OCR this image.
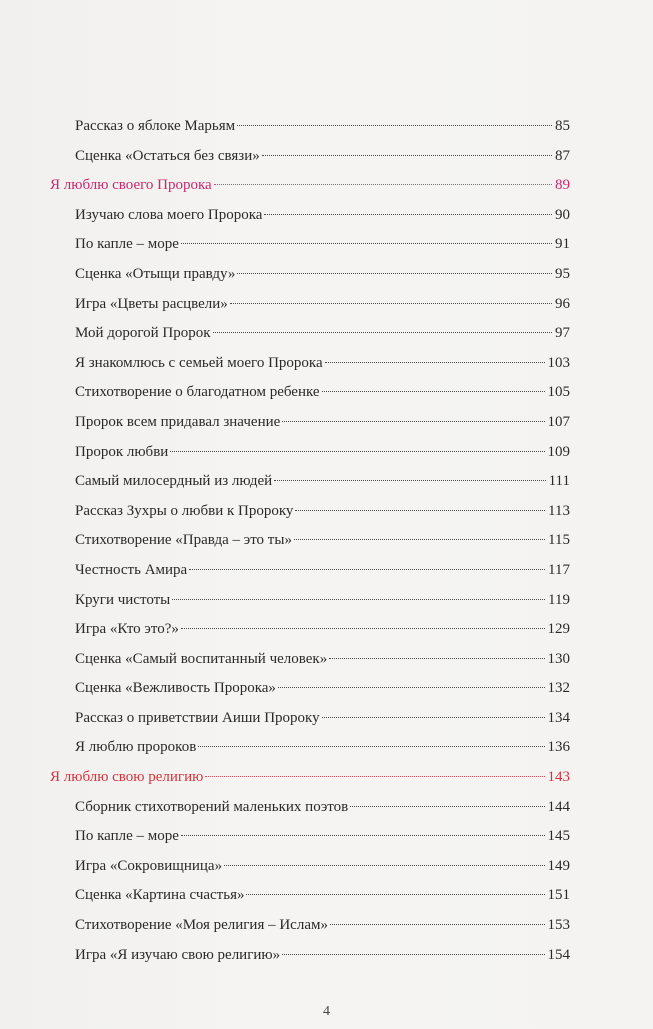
Рассказ о яблоке Марьям	85
Сценка «Остаться без связи»	87
Я люблю своего Пророка	89
Изучаю слова моего Пророка	90
По капле – море	91
Сценка «Отыщи правду»	95
Игра «Цветы расцвели»	96
Мой дорогой Пророк	97
Я знакомлюсь с семьей моего Пророка	103
Стихотворение о благодатном ребенке	105
Пророк всем придавал значение	107
Пророк любви	109
Самый милосердный из людей	111
Рассказ Зухры о любви к Пророку	113
Стихотворение «Правда – это ты»	115
Честность Амира	117
Круги чистоты	119
Игра «Кто это?»	129
Сценка «Самый воспитанный человек»	130
Сценка «Вежливость Пророка»	132
Рассказ о приветствии Аиши Пророку	134
Я люблю пророков	136
Я люблю свою религию	143
Сборник стихотворений маленьких поэтов	144
По капле – море	145
Игра «Сокровищница»	149
Сценка «Картина счастья»	151
Стихотворение «Моя религия – Ислам»	153
Игра «Я изучаю свою религию»	154
4
